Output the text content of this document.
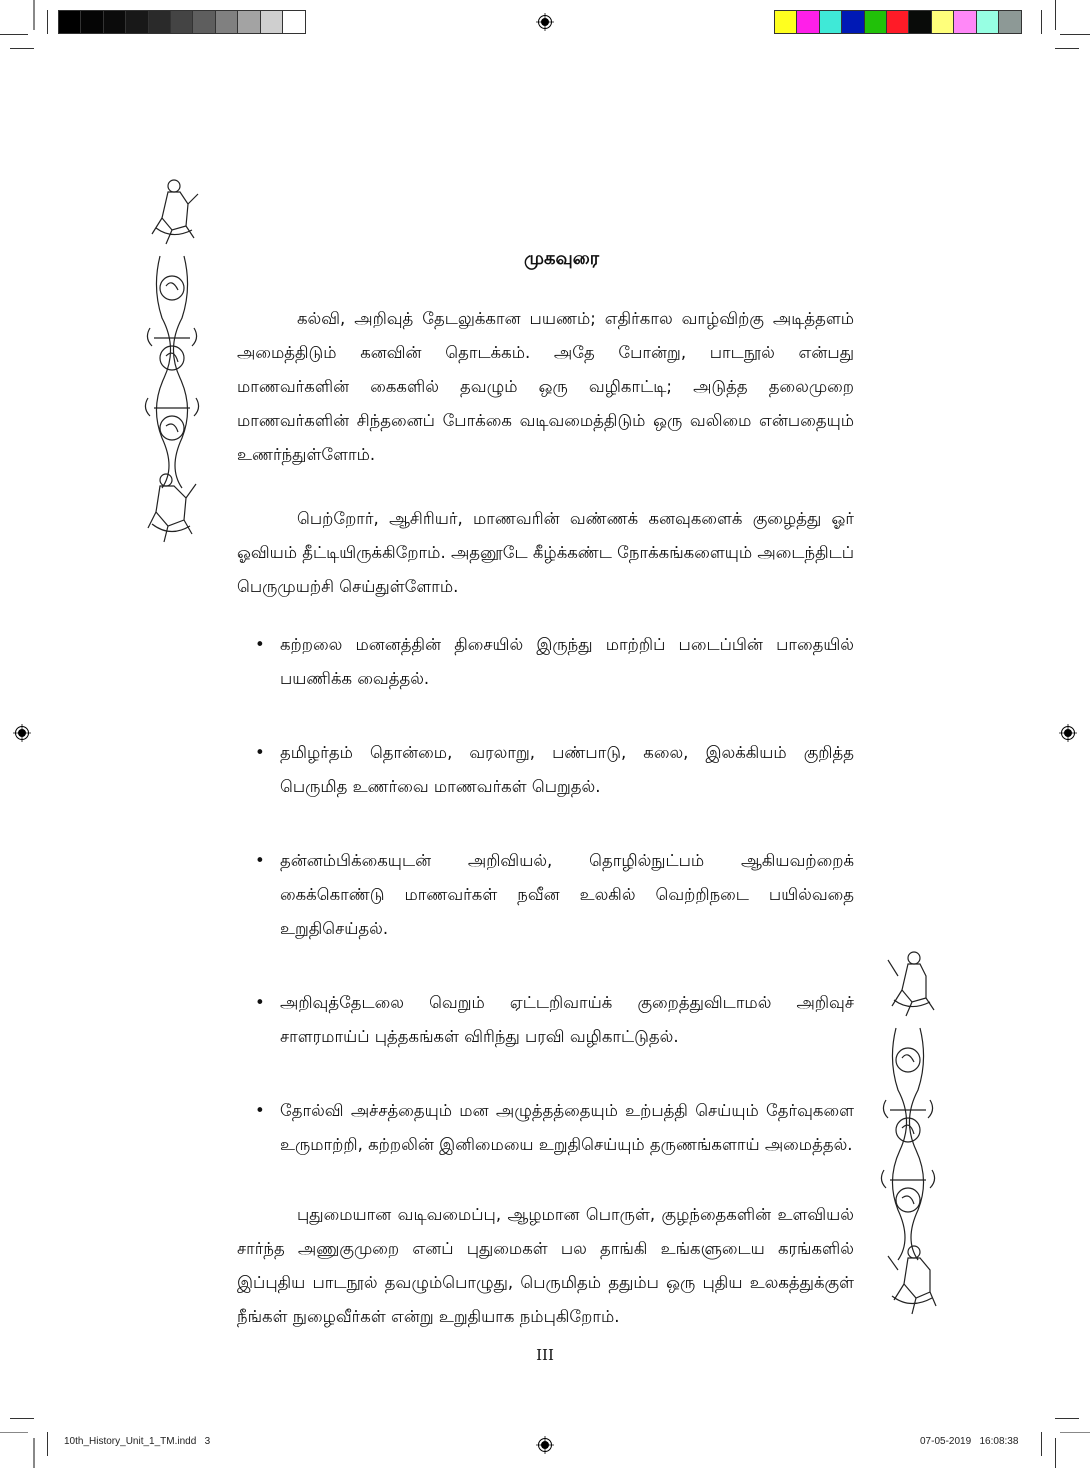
முகவுரை

கல்வி, அறிவுத் தேடலுக்கான பயணம்; எதிர்கால வாழ்விற்கு அடித்தளம் அமைத்திடும் கனவின் தொடக்கம். அதே போன்று, பாடநூல் என்பது மாணவர்களின் கைகளில் தவழும் ஒரு வழிகாட்டி; அடுத்த தலைமுறை மாணவர்களின் சிந்தனைப் போக்கை வடிவமைத்திடும் ஒரு வலிமை என்பதையும் உணர்ந்துள்ளோம்.

பெற்றோர், ஆசிரியர், மாணவரின் வண்ணக் கனவுகளைக் குழைத்து ஓர் ஓவியம் தீட்டியிருக்கிறோம். அதனூடே கீழ்க்கண்ட நோக்கங்களையும் அடைந்திடப் பெருமுயற்சி செய்துள்ளோம்.

• கற்றலை மனனத்தின் திசையில் இருந்து மாற்றிப் படைப்பின் பாதையில் பயணிக்க வைத்தல்.
• தமிழர்தம் தொன்மை, வரலாறு, பண்பாடு, கலை, இலக்கியம் குறித்த பெருமித உணர்வை மாணவர்கள் பெறுதல்.
• தன்னம்பிக்கையுடன் அறிவியல், தொழில்நுட்பம் ஆகியவற்றைக் கைக்கொண்டு மாணவர்கள் நவீன உலகில் வெற்றிநடை பயில்வதை உறுதிசெய்தல்.
• அறிவுத்தேடலை வெறும் ஏட்டறிவாய்க் குறைத்துவிடாமல் அறிவுச் சாளரமாய்ப் புத்தகங்கள் விரிந்து பரவி வழிகாட்டுதல்.
• தோல்வி அச்சத்தையும் மன அழுத்தத்தையும் உற்பத்தி செய்யும் தேர்வுகளை உருமாற்றி, கற்றலின் இனிமையை உறுதிசெய்யும் தருணங்களாய் அமைத்தல்.

புதுமையான வடிவமைப்பு, ஆழமான பொருள், குழந்தைகளின் உளவியல் சார்ந்த அணுகுமுறை எனப் புதுமைகள் பல தாங்கி உங்களுடைய கரங்களில் இப்புதிய பாடநூல் தவழும்பொழுது, பெருமிதம் ததும்ப ஒரு புதிய உலகத்துக்குள் நீங்கள் நுழைவீர்கள் என்று உறுதியாக நம்புகிறோம்.

III
10th_History_Unit_1_TM.indd   3	07-05-2019   16:08:38
